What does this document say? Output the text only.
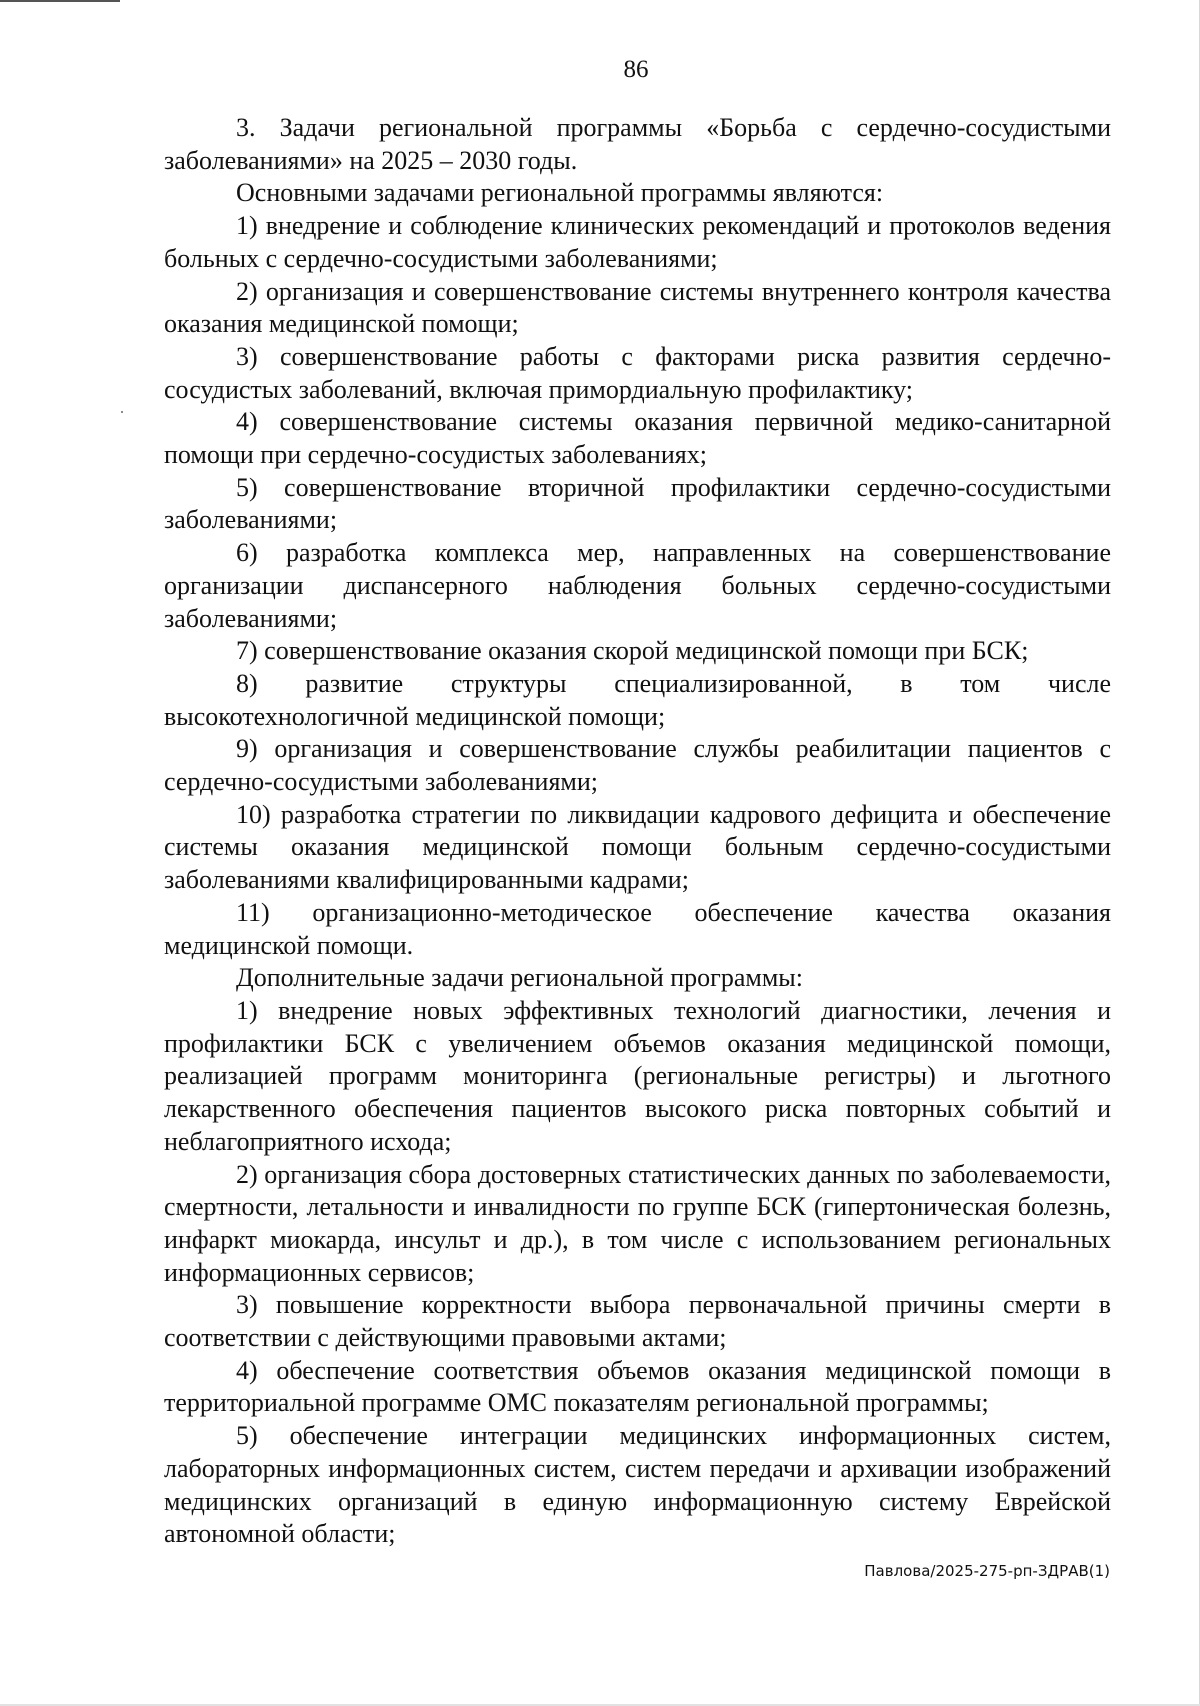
86

3. Задачи региональной программы «Борьба с сердечно-сосудистыми заболеваниями» на 2025 – 2030 годы.

Основными задачами региональной программы являются:

1) внедрение и соблюдение клинических рекомендаций и протоколов ведения больных с сердечно-сосудистыми заболеваниями;

2) организация и совершенствование системы внутреннего контроля качества оказания медицинской помощи;

3) совершенствование работы с факторами риска развития сердечно-сосудистых заболеваний, включая примордиальную профилактику;

4) совершенствование системы оказания первичной медико-санитарной помощи при сердечно-сосудистых заболеваниях;

5) совершенствование вторичной профилактики сердечно-сосудистыми заболеваниями;

6) разработка комплекса мер, направленных на совершенствование организации диспансерного наблюдения больных сердечно-сосудистыми заболеваниями;

7) совершенствование оказания скорой медицинской помощи при БСК;

8) развитие структуры специализированной, в том числе высокотехнологичной медицинской помощи;

9) организация и совершенствование службы реабилитации пациентов с сердечно-сосудистыми заболеваниями;

10) разработка стратегии по ликвидации кадрового дефицита и обеспечение системы оказания медицинской помощи больным сердечно-сосудистыми заболеваниями квалифицированными кадрами;

11) организационно-методическое обеспечение качества оказания медицинской помощи.

Дополнительные задачи региональной программы:

1) внедрение новых эффективных технологий диагностики, лечения и профилактики БСК с увеличением объемов оказания медицинской помощи, реализацией программ мониторинга (региональные регистры) и льготного лекарственного обеспечения пациентов высокого риска повторных событий и неблагоприятного исхода;

2) организация сбора достоверных статистических данных по заболеваемости, смертности, летальности и инвалидности по группе БСК (гипертоническая болезнь, инфаркт миокарда, инсульт и др.), в том числе с использованием региональных информационных сервисов;

3) повышение корректности выбора первоначальной причины смерти в соответствии с действующими правовыми актами;

4) обеспечение соответствия объемов оказания медицинской помощи в территориальной программе ОМС показателям региональной программы;

5) обеспечение интеграции медицинских информационных систем, лабораторных информационных систем, систем передачи и архивации изображений медицинских организаций в единую информационную систему Еврейской автономной области;

Павлова/2025-275-рп-ЗДРАВ(1)
